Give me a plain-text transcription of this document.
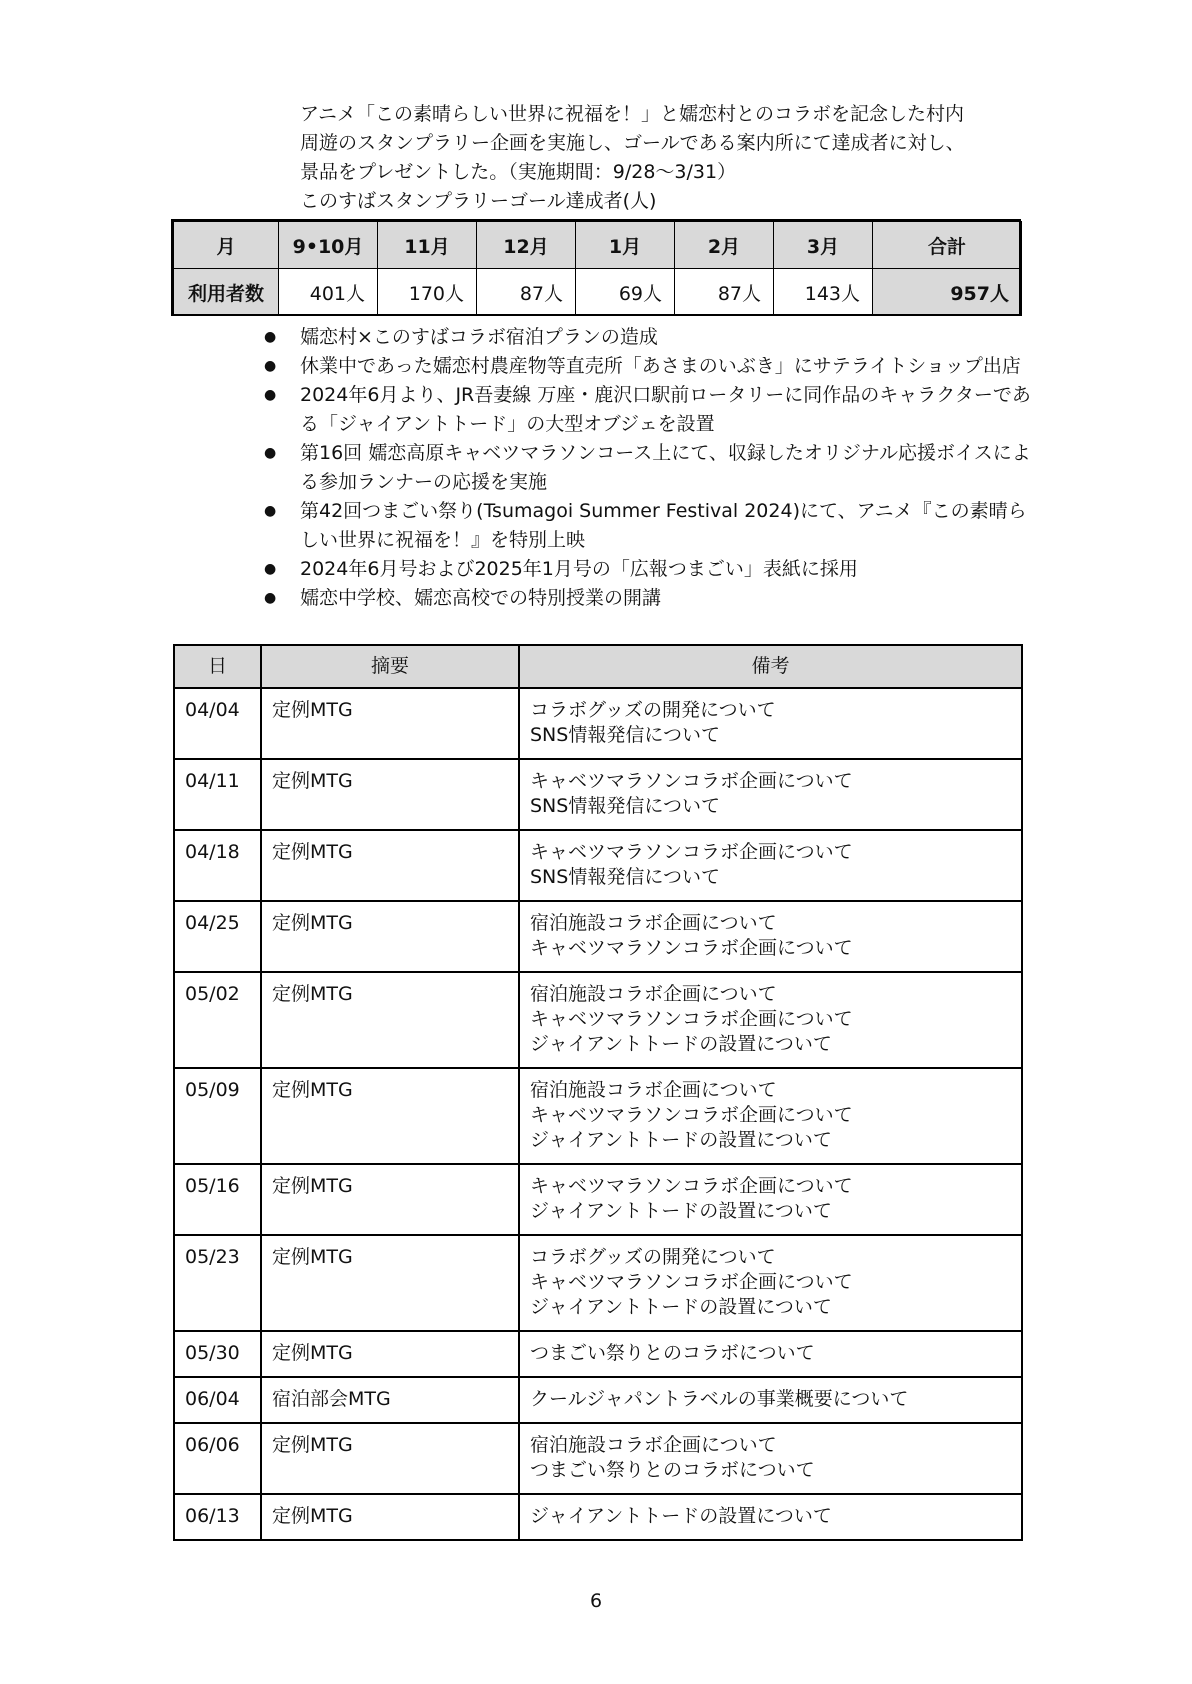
アニメ「この素晴らしい世界に祝福を！」と嬬恋村とのコラボを記念した村内

周遊のスタンプラリー企画を実施し、ゴールである案内所にて達成者に対し、

景品をプレゼントした。（実施期間：9/28～3/31）

このすばスタンプラリーゴール達成者(人)

月	9•10月	11月	12月	1月	2月	3月	合計
利用者数	401人	170人	87人	69人	87人	143人	957人
● 嬬恋村×このすばコラボ宿泊プランの造成
● 休業中であった嬬恋村農産物等直売所「あさまのいぶき」にサテライトショップ出店
● 2024年6月より、JR吾妻線 万座・鹿沢口駅前ロータリーに同作品のキャラクターである「ジャイアントトード」の大型オブジェを設置
● 第16回 嬬恋高原キャベツマラソンコース上にて、収録したオリジナル応援ボイスによる参加ランナーの応援を実施
● 第42回つまごい祭り(Tsumagoi Summer Festival 2024)にて、アニメ『この素晴らしい世界に祝福を！』を特別上映
● 2024年6月号および2025年1月号の「広報つまごい」表紙に採用
● 嬬恋中学校、嬬恋高校での特別授業の開講
日	摘要	備考
04/04	定例MTG	コラボグッズの開発について
SNS情報発信について

04/11	定例MTG	キャベツマラソンコラボ企画について
SNS情報発信について

04/18	定例MTG	キャベツマラソンコラボ企画について
SNS情報発信について

04/25	定例MTG	宿泊施設コラボ企画について
キャベツマラソンコラボ企画について

05/02	定例MTG	宿泊施設コラボ企画について
キャベツマラソンコラボ企画について
ジャイアントトードの設置について

05/09	定例MTG	宿泊施設コラボ企画について
キャベツマラソンコラボ企画について
ジャイアントトードの設置について

05/16	定例MTG	キャベツマラソンコラボ企画について
ジャイアントトードの設置について

05/23	定例MTG	コラボグッズの開発について
キャベツマラソンコラボ企画について
ジャイアントトードの設置について

05/30	定例MTG	つまごい祭りとのコラボについて

06/04	宿泊部会MTG	クールジャパントラベルの事業概要について

06/06	定例MTG	宿泊施設コラボ企画について
つまごい祭りとのコラボについて

06/13	定例MTG	ジャイアントトードの設置について
6
